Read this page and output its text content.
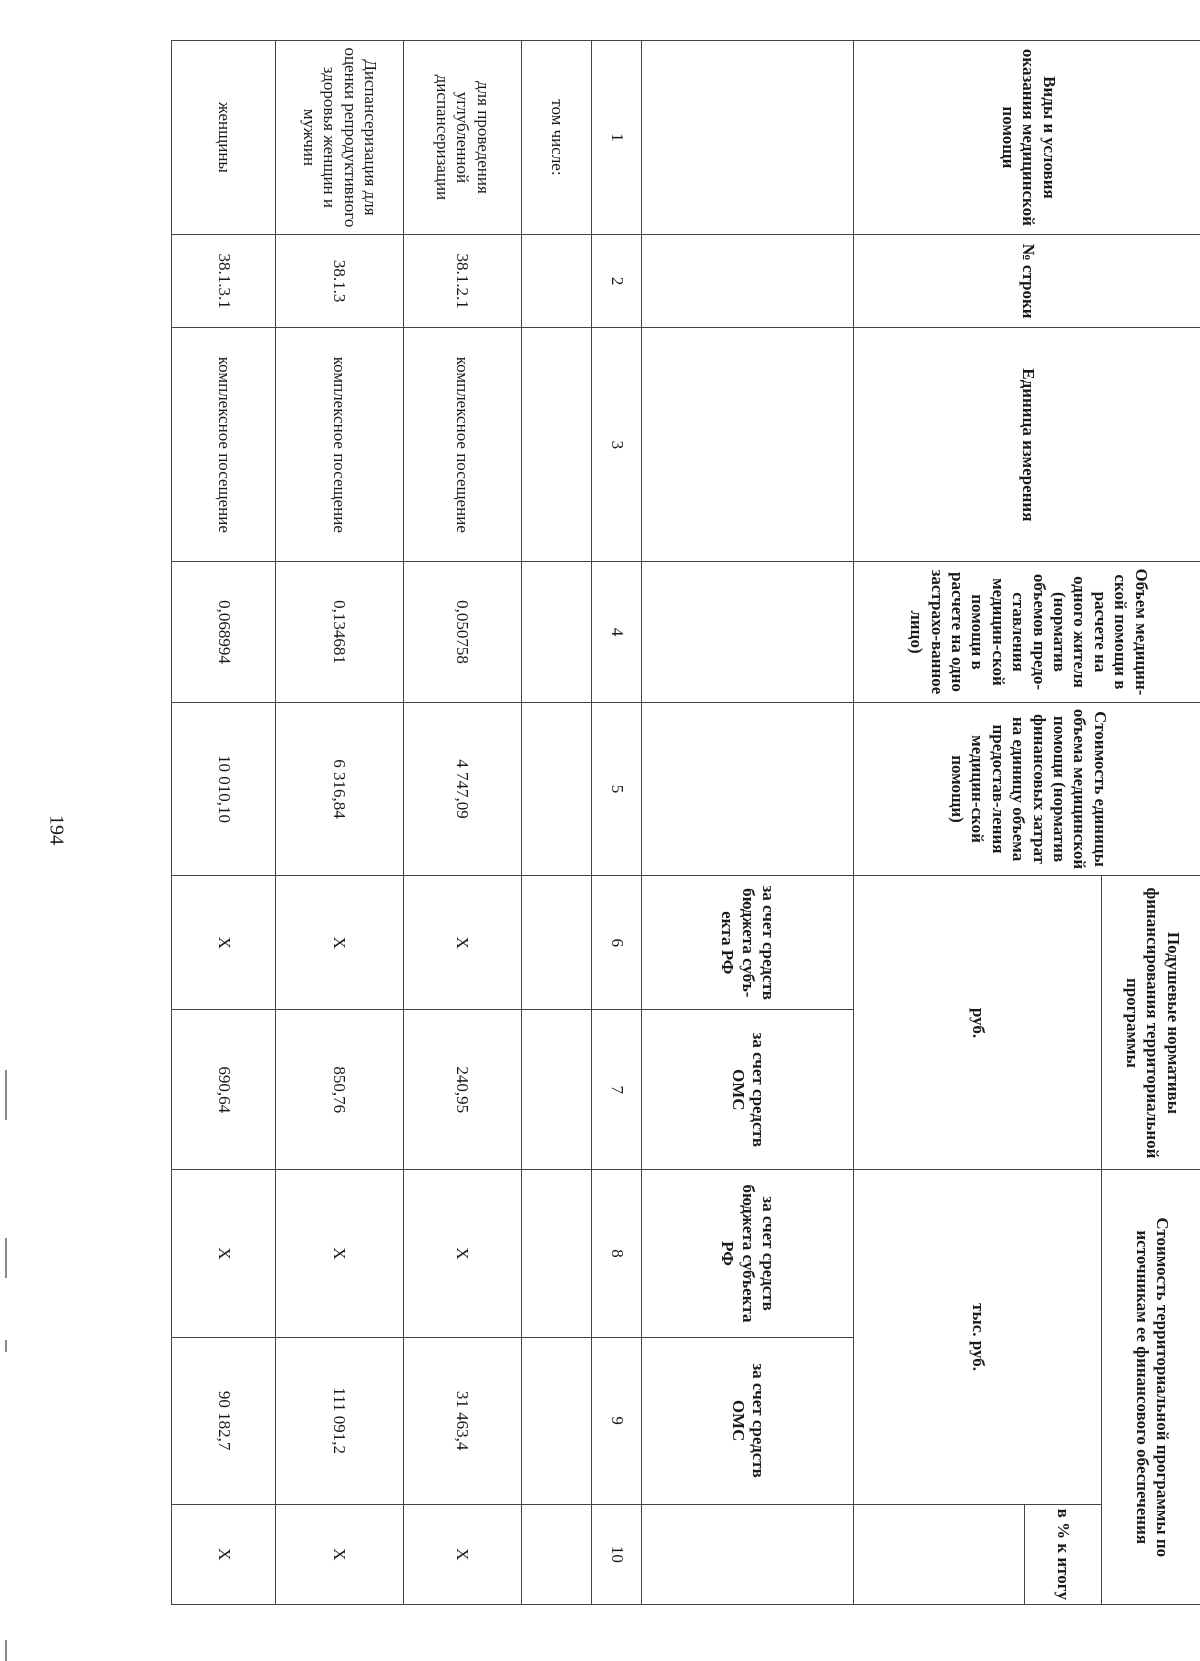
194
Виды и условия оказания медицинской помощи	№ строки	Единица измерения	Объем медицин-ской помощи в расчете на одного жителя (норматив объемов предо-ставления медицин-ской помощи в расчете на одно застрахо-ванное лицо)	Стоимость единицы объема медицинской помощи (норматив финансовых затрат на единицу объема предостав-ления медицин-ской помощи)	Подушевые нормативы финансирования территориальной программы		Стоимость территориальной программы по источникам ее финансового обеспечения		
					руб.		тыс. руб.		в % к итогу

					за счет средств бюджета субъ-екта РФ	за счет средств ОМС	за счет средств бюджета субъекта РФ	за счет средств ОМС	
1	2	3	4	5	6	7	8	9	10
том числе:									
для проведения углубленной диспансеризации	38.1.2.1	комплексное посещение	0,050758	4 747,09	X	240,95	X	31 463,4	X
Диспансеризация для оценки репродуктивного здоровья женщин и мужчин	38.1.3	комплексное посещение	0,134681	6 316,84	X	850,76	X	111 091,2	X
женщины	38.1.3.1	комплексное посещение	0,068994	10 010,10	X	690,64	X	90 182,7	X
